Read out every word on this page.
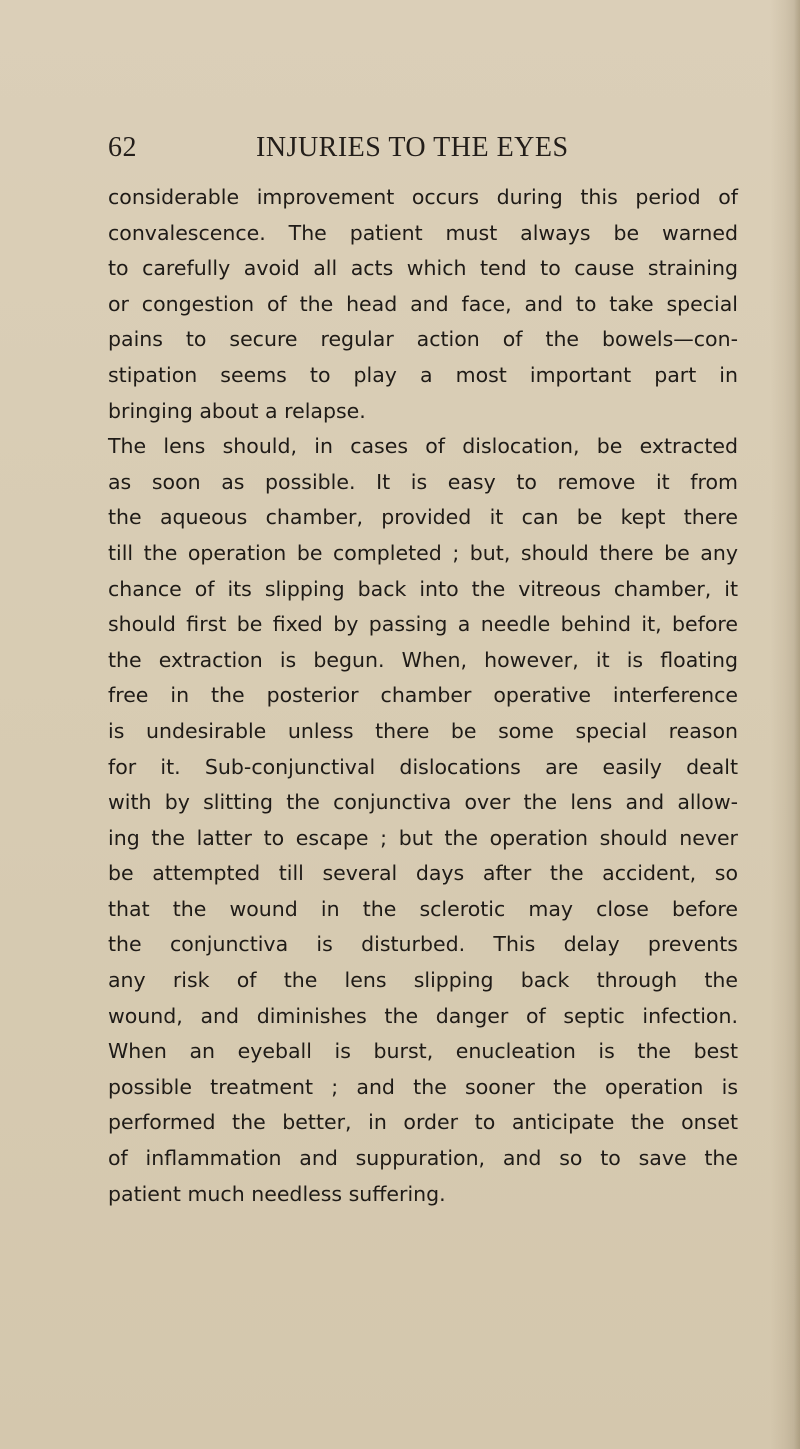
62	INJURIES TO THE EYES
considerable improvement occurs during this period of
convalescence. The patient must always be warned
to carefully avoid all acts which tend to cause straining
or congestion of the head and face, and to take special
pains to secure regular action of the bowels—con-
stipation seems to play a most important part in
bringing about a relapse.
The lens should, in cases of dislocation, be extracted
as soon as possible. It is easy to remove it from
the aqueous chamber, provided it can be kept there
till the operation be completed ; but, should there be any
chance of its slipping back into the vitreous chamber, it
should first be fixed by passing a needle behind it, before
the extraction is begun. When, however, it is floating
free in the posterior chamber operative interference
is undesirable unless there be some special reason
for it. Sub-conjunctival dislocations are easily dealt
with by slitting the conjunctiva over the lens and allow-
ing the latter to escape ; but the operation should never
be attempted till several days after the accident, so
that the wound in the sclerotic may close before
the conjunctiva is disturbed. This delay prevents
any risk of the lens slipping back through the
wound, and diminishes the danger of septic infection.
When an eyeball is burst, enucleation is the best
possible treatment ; and the sooner the operation is
performed the better, in order to anticipate the onset
of inflammation and suppuration, and so to save the
patient much needless suffering.
